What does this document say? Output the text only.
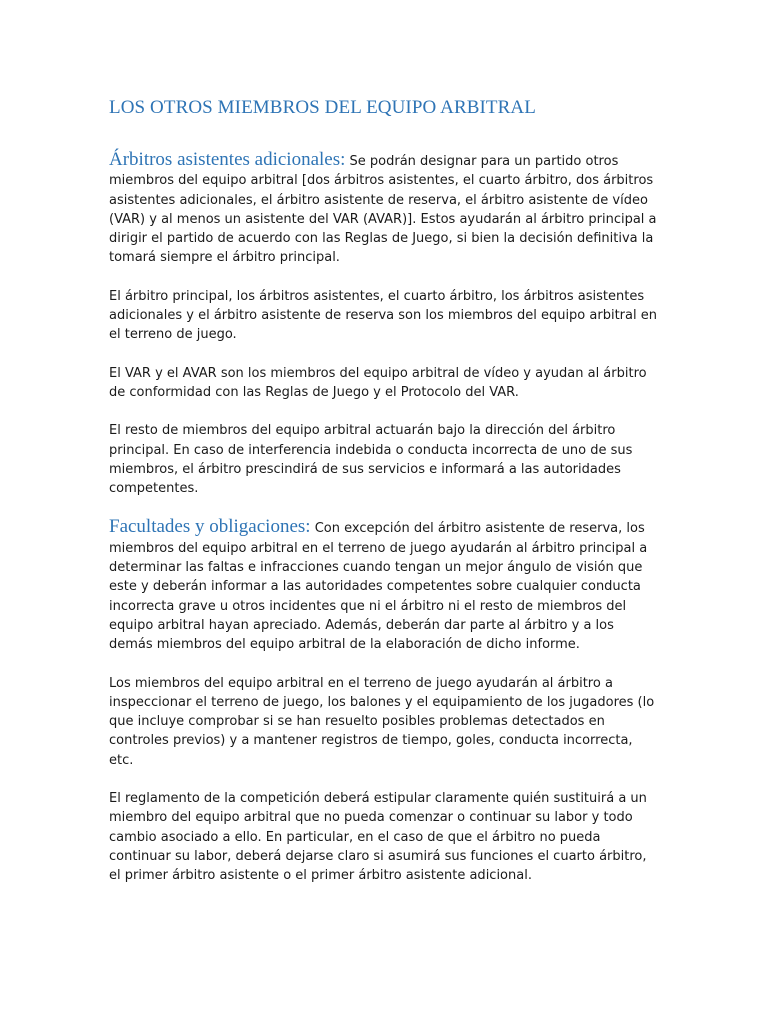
LOS OTROS MIEMBROS DEL EQUIPO ARBITRAL

Árbitros asistentes adicionales: Se podrán designar para un partido otros miembros del equipo arbitral [dos árbitros asistentes, el cuarto árbitro, dos árbitros asistentes adicionales, el árbitro asistente de reserva, el árbitro asistente de vídeo (VAR) y al menos un asistente del VAR (AVAR)]. Estos ayudarán al árbitro principal a dirigir el partido de acuerdo con las Reglas de Juego, si bien la decisión definitiva la tomará siempre el árbitro principal.

El árbitro principal, los árbitros asistentes, el cuarto árbitro, los árbitros asistentes adicionales y el árbitro asistente de reserva son los miembros del equipo arbitral en el terreno de juego.

El VAR y el AVAR son los miembros del equipo arbitral de vídeo y ayudan al árbitro de conformidad con las Reglas de Juego y el Protocolo del VAR.

El resto de miembros del equipo arbitral actuarán bajo la dirección del árbitro principal. En caso de interferencia indebida o conducta incorrecta de uno de sus miembros, el árbitro prescindirá de sus servicios e informará a las autoridades competentes.

Facultades y obligaciones: Con excepción del árbitro asistente de reserva, los miembros del equipo arbitral en el terreno de juego ayudarán al árbitro principal a determinar las faltas e infracciones cuando tengan un mejor ángulo de visión que este y deberán informar a las autoridades competentes sobre cualquier conducta incorrecta grave u otros incidentes que ni el árbitro ni el resto de miembros del equipo arbitral hayan apreciado. Además, deberán dar parte al árbitro y a los demás miembros del equipo arbitral de la elaboración de dicho informe.

Los miembros del equipo arbitral en el terreno de juego ayudarán al árbitro a inspeccionar el terreno de juego, los balones y el equipamiento de los jugadores (lo que incluye comprobar si se han resuelto posibles problemas detectados en controles previos) y a mantener registros de tiempo, goles, conducta incorrecta, etc.

El reglamento de la competición deberá estipular claramente quién sustituirá a un miembro del equipo arbitral que no pueda comenzar o continuar su labor y todo cambio asociado a ello. En particular, en el caso de que el árbitro no pueda continuar su labor, deberá dejarse claro si asumirá sus funciones el cuarto árbitro, el primer árbitro asistente o el primer árbitro asistente adicional.
